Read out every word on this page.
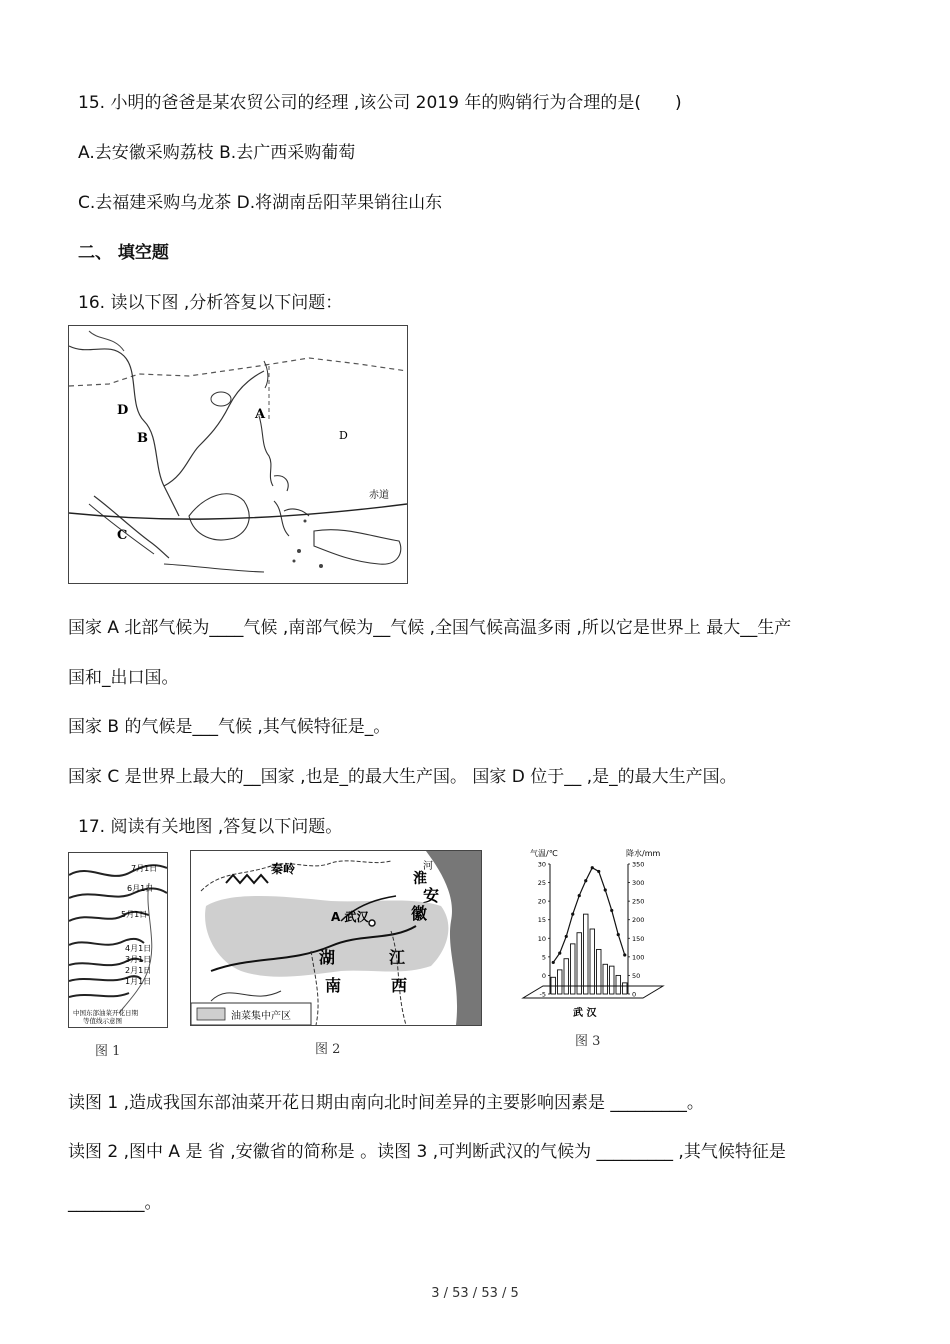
15. 小明的爸爸是某农贸公司的经理 ,该公司 2019 年的购销行为合理的是(　　)
A.去安徽采购荔枝 B.去广西采购葡萄
C.去福建采购乌龙茶 D.将湖南岳阳苹果销往山东
二、 填空题
16. 读以下图 ,分析答复以下问题：
D
B
A
D
C
赤道
国家 A 北部气候为____气候 ,南部气候为__气候 ,全国气候高温多雨 ,所以它是世界上 最大__生产
国和_出口国。
国家 B 的气候是___气候 ,其气候特征是_。
国家 C 是世界上最大的__国家 ,也是_的最大生产国。 国家 D 位于__ ,是_的最大生产国。
17. 阅读有关地图 ,答复以下问题。
7月1日
6月1日
5月1日
4月1日
3月1日
2月1日
1月1日
中国东部油菜开花日期
等值线示意图
图 1
秦岭
淮
河
安
徽
A 武汉
湖
南
江
西
油菜集中产区
图 2
气温/℃	降水/mm
30
25
20
15
10
5
0
-5
350
300
250
200
150
100
50
0
武 汉
图 3
读图 1 ,造成我国东部油菜开花日期由南向北时间差异的主要影响因素是 _________。
读图 2 ,图中 A 是 省 ,安徽省的简称是 。读图 3 ,可判断武汉的气候为 _________ ,其气候特征是
_________。
3 / 53 / 53 / 5
